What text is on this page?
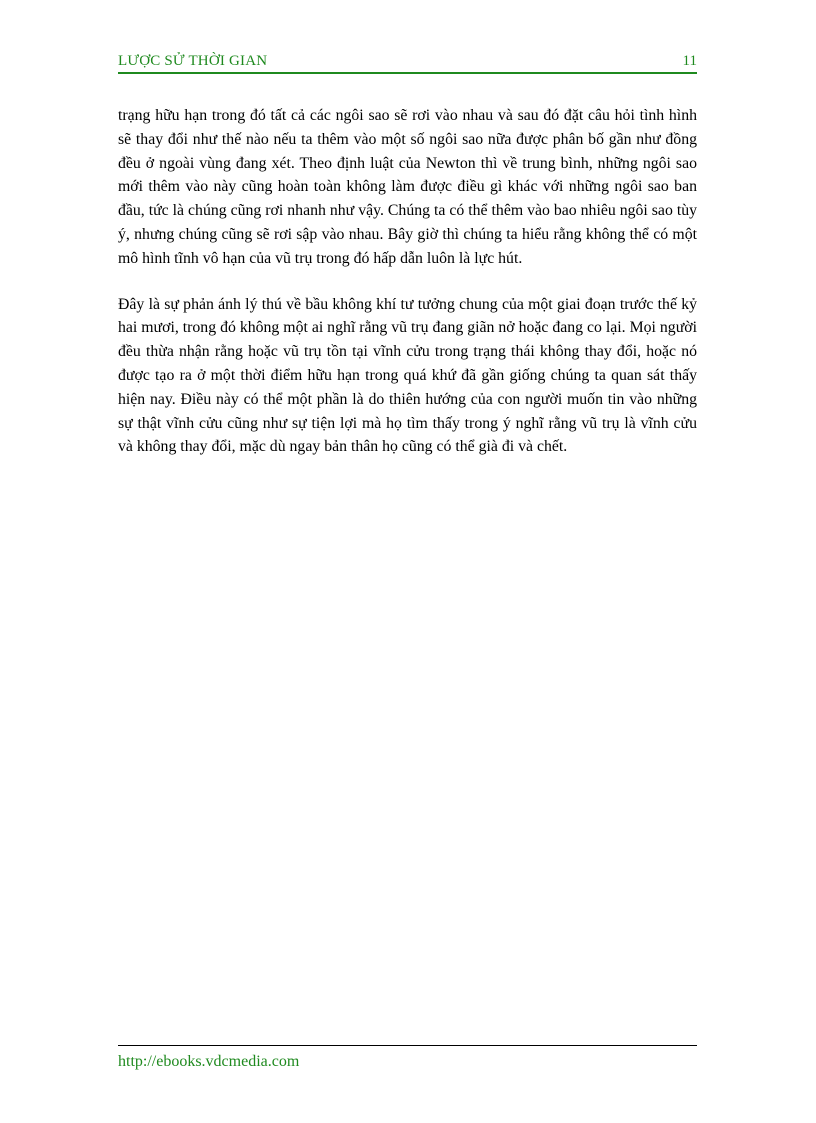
LƯỢC SỬ THỜI GIAN	11

trạng hữu hạn trong đó tất cả các ngôi sao sẽ rơi vào nhau và sau đó đặt câu hỏi tình hình sẽ thay đổi như thế nào nếu ta thêm vào một số ngôi sao nữa được phân bố gần như đồng đều ở ngoài vùng đang xét. Theo định luật của Newton thì về trung bình, những ngôi sao mới thêm vào này cũng hoàn toàn không làm được điều gì khác với những ngôi sao ban đầu, tức là chúng cũng rơi nhanh như vậy. Chúng ta có thể thêm vào bao nhiêu ngôi sao tùy ý, nhưng chúng cũng sẽ rơi sập vào nhau. Bây giờ thì chúng ta hiểu rằng không thể có một mô hình tĩnh vô hạn của vũ trụ trong đó hấp dẫn luôn là lực hút.

Đây là sự phản ánh lý thú về bầu không khí tư tưởng chung của một giai đoạn trước thế kỷ hai mươi, trong đó không một ai nghĩ rằng vũ trụ đang giãn nở hoặc đang co lại. Mọi người đều thừa nhận rằng hoặc vũ trụ tồn tại vĩnh cửu trong trạng thái không thay đổi, hoặc nó được tạo ra ở một thời điểm hữu hạn trong quá khứ đã gần giống chúng ta quan sát thấy hiện nay. Điều này có thể một phần là do thiên hướng của con người muốn tin vào những sự thật vĩnh cửu cũng như sự tiện lợi mà họ tìm thấy trong ý nghĩ rằng vũ trụ là vĩnh cửu và không thay đổi, mặc dù ngay bản thân họ cũng có thể già đi và chết.

http://ebooks.vdcmedia.com
